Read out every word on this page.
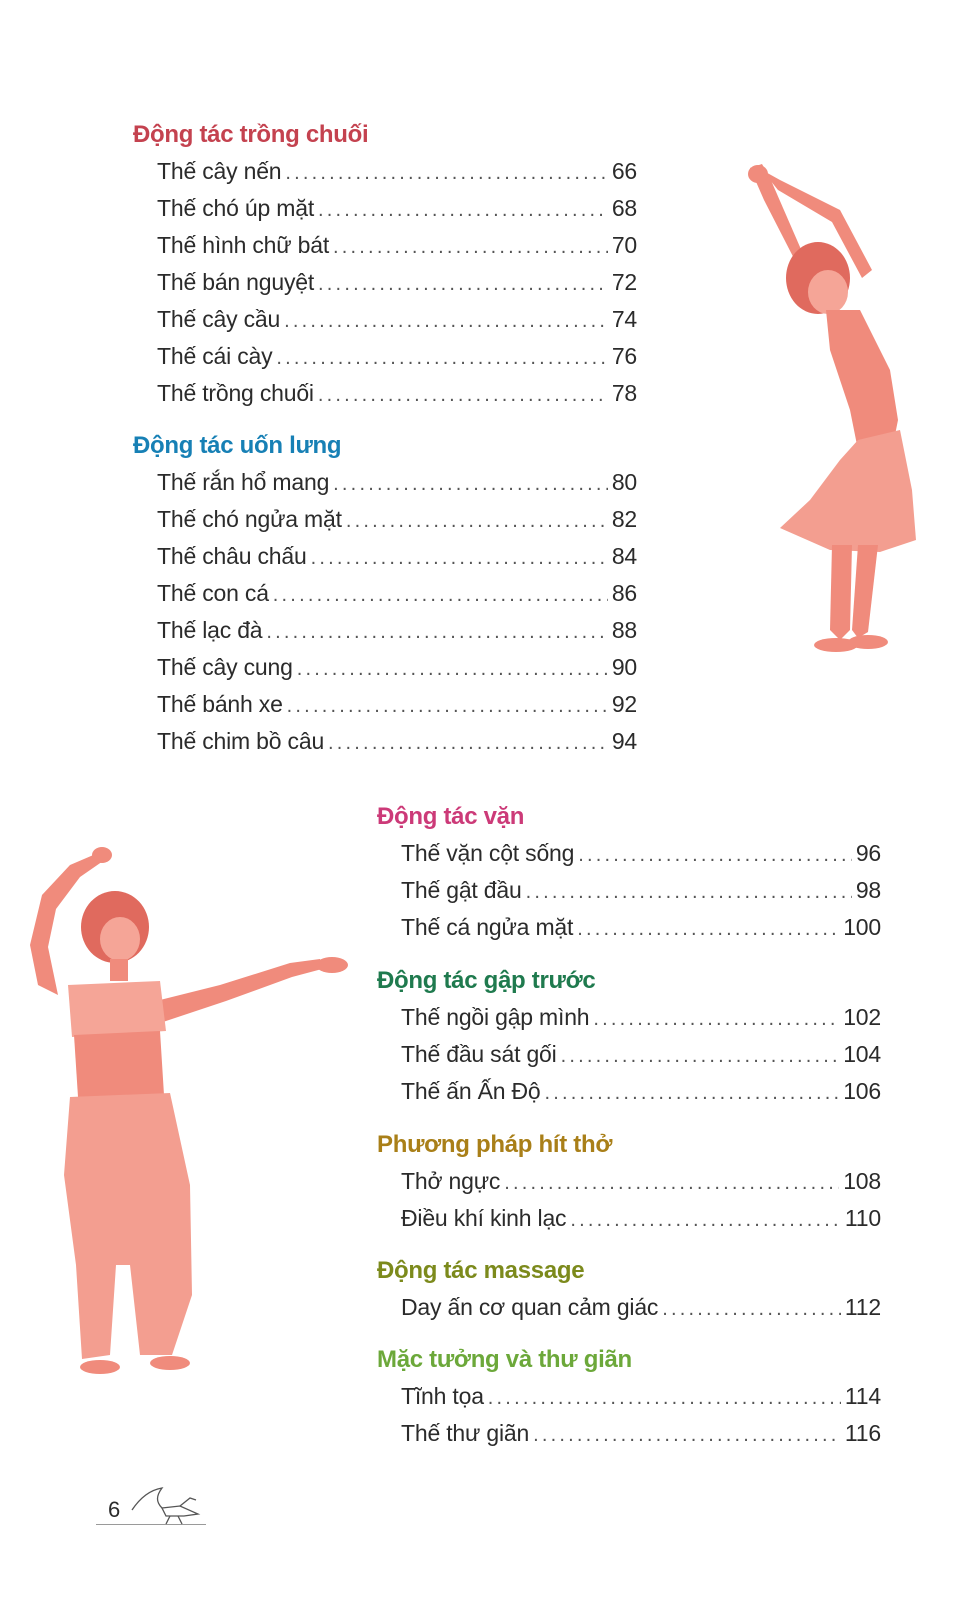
Động tác trồng chuối
Thế cây nến .....	66
Thế chó úp mặt .....	68
Thế hình chữ bát .....	70
Thế bán nguyệt .....	72
Thế cây cầu .....	74
Thế cái cày .....	76
Thế trồng chuối .....	78
Động tác uốn lưng
Thế rắn hổ mang .....	80
Thế chó ngửa mặt .....	82
Thế châu chấu .....	84
Thế con cá .....	86
Thế lạc đà .....	88
Thế cây cung .....	90
Thế bánh xe .....	92
Thế chim bồ câu .....	94
Động tác vặn
Thế vặn cột sống .....	96
Thế gật đầu .....	98
Thế cá ngửa mặt .....	100
Động tác gập trước
Thế ngồi gập mình .....	102
Thế đầu sát gối .....	104
Thế ấn Ấn Độ .....	106
Phương pháp hít thở
Thở ngực .....	108
Điều khí kinh lạc .....	110
Động tác massage
Day ấn cơ quan cảm giác .....	112
Mặc tưởng và thư giãn
Tĩnh tọa .....	114
Thế thư giãn .....	116
6
